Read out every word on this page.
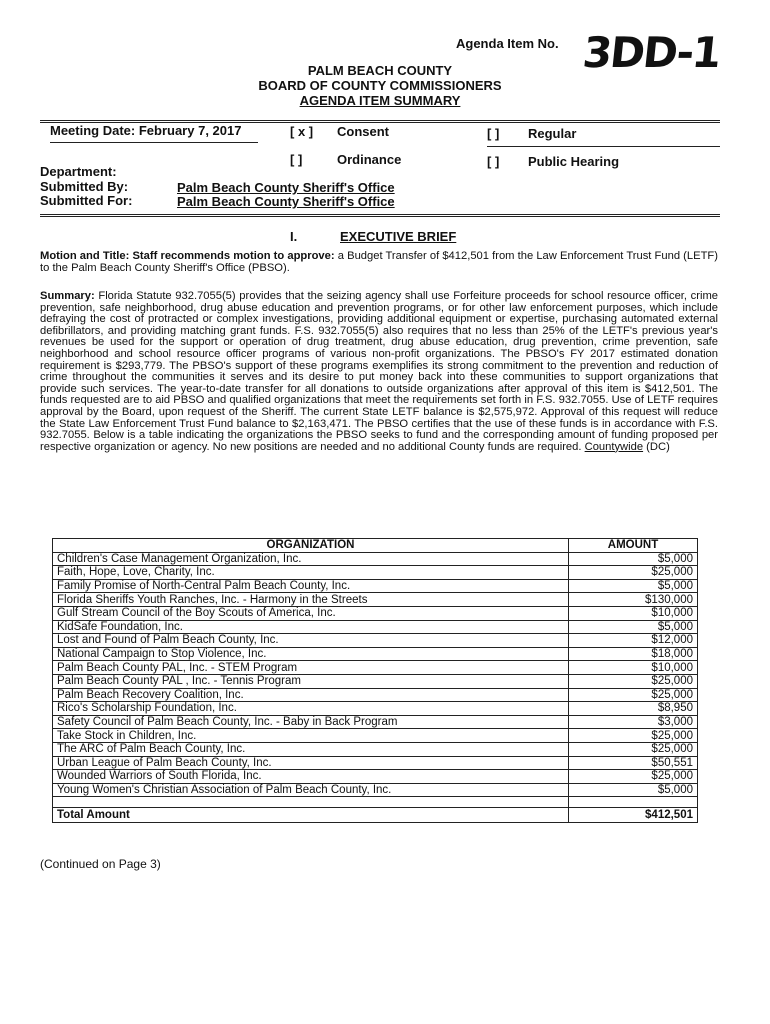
Agenda Item No. 3DD-1
PALM BEACH COUNTY
BOARD OF COUNTY COMMISSIONERS
AGENDA ITEM SUMMARY
Meeting Date: February 7, 2017	[ x ] Consent	[ ] Regular
[ ]	Ordinance	[ ] Public Hearing
Department:
Submitted By:	Palm Beach County Sheriff's Office
Submitted For:	Palm Beach County Sheriff's Office
I.	EXECUTIVE BRIEF
Motion and Title: Staff recommends motion to approve: a Budget Transfer of $412,501 from the Law Enforcement Trust Fund (LETF) to the Palm Beach County Sheriff's Office (PBSO).
Summary: Florida Statute 932.7055(5) provides that the seizing agency shall use Forfeiture proceeds for school resource officer, crime prevention, safe neighborhood, drug abuse education and prevention programs, or for other law enforcement purposes, which include defraying the cost of protracted or complex investigations, providing additional equipment or expertise, purchasing automated external defibrillators, and providing matching grant funds. F.S. 932.7055(5) also requires that no less than 25% of the LETF's previous year's revenues be used for the support or operation of drug treatment, drug abuse education, drug prevention, crime prevention, safe neighborhood and school resource officer programs of various non-profit organizations. The PBSO's FY 2017 estimated donation requirement is $293,779. The PBSO's support of these programs exemplifies its strong commitment to the prevention and reduction of crime throughout the communities it serves and its desire to put money back into these communities to support organizations that provide such services. The year-to-date transfer for all donations to outside organizations after approval of this item is $412,501. The funds requested are to aid PBSO and qualified organizations that meet the requirements set forth in F.S. 932.7055. Use of LETF requires approval by the Board, upon request of the Sheriff. The current State LETF balance is $2,575,972. Approval of this request will reduce the State Law Enforcement Trust Fund balance to $2,163,471. The PBSO certifies that the use of these funds is in accordance with F.S. 932.7055. Below is a table indicating the organizations the PBSO seeks to fund and the corresponding amount of funding proposed per respective organization or agency. No new positions are needed and no additional County funds are required. Countywide (DC)
ORGANIZATION	AMOUNT
Children's Case Management Organization, Inc.	$5,000
Faith, Hope, Love, Charity, Inc.	$25,000
Family Promise of North-Central Palm Beach County, Inc.	$5,000
Florida Sheriffs Youth Ranches, Inc. - Harmony in the Streets	$130,000
Gulf Stream Council of the Boy Scouts of America, Inc.	$10,000
KidSafe Foundation, Inc.	$5,000
Lost and Found of Palm Beach County, Inc.	$12,000
National Campaign to Stop Violence, Inc.	$18,000
Palm Beach County PAL, Inc. - STEM Program	$10,000
Palm Beach County PAL , Inc. - Tennis Program	$25,000
Palm Beach Recovery Coalition, Inc.	$25,000
Rico's Scholarship Foundation, Inc.	$8,950
Safety Council of Palm Beach County, Inc. - Baby in Back Program	$3,000
Take Stock in Children, Inc.	$25,000
The ARC of Palm Beach County, Inc.	$25,000
Urban League of Palm Beach County, Inc.	$50,551
Wounded Warriors of South Florida, Inc.	$25,000
Young Women's Christian Association of Palm Beach County, Inc.	$5,000

Total Amount	$412,501
(Continued on Page 3)
